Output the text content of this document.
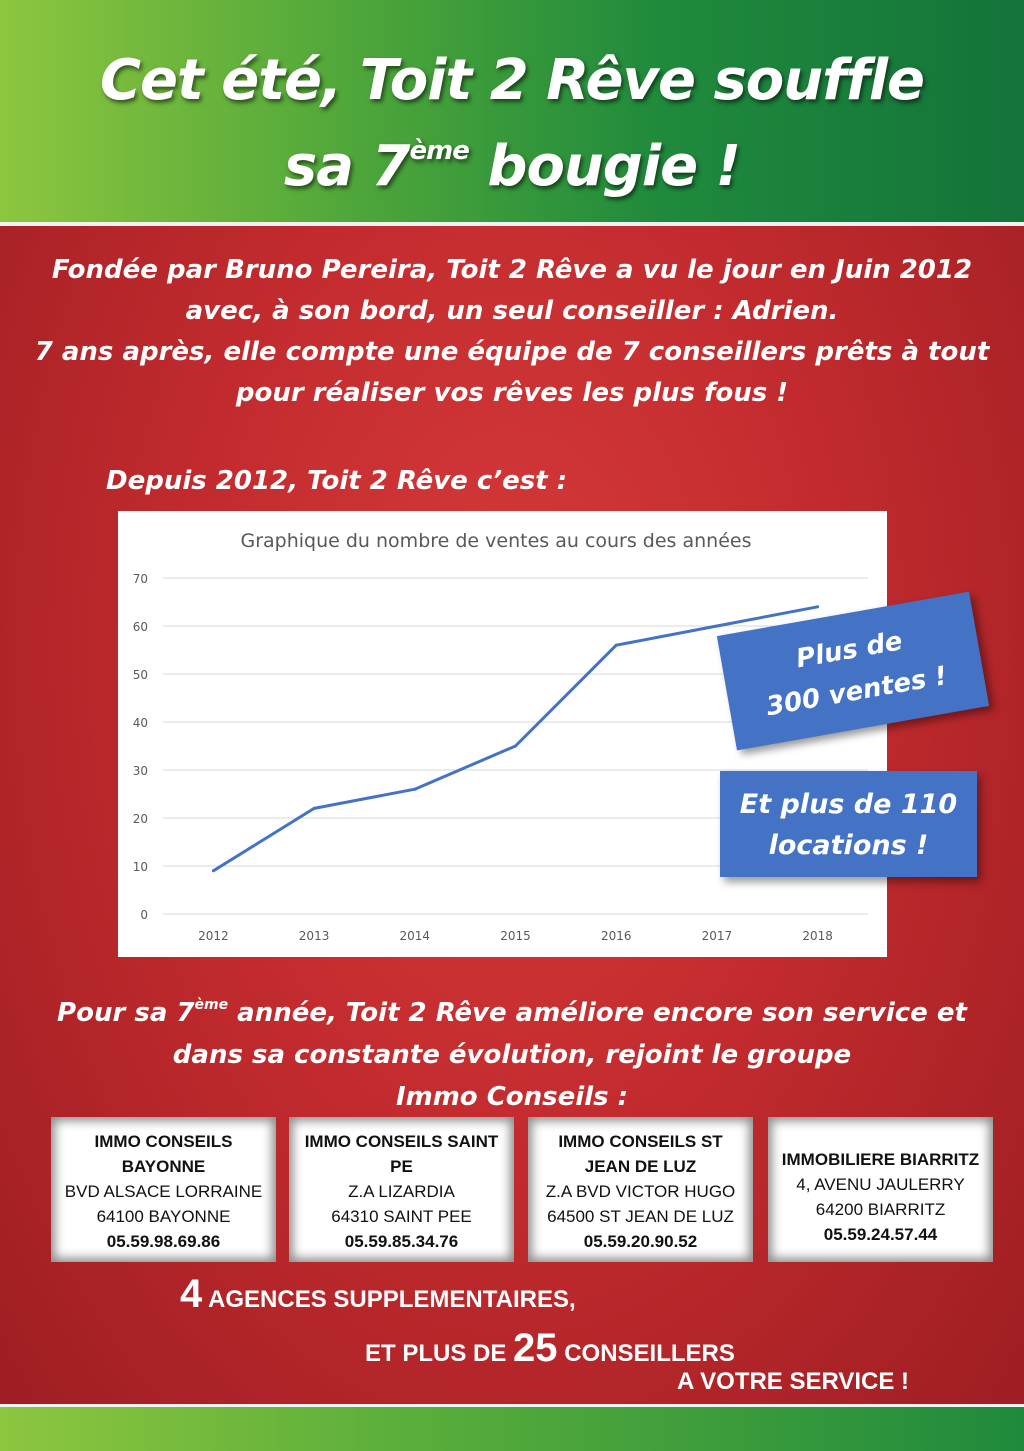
Cet été, Toit 2 Rêve souffle
sa 7ème bougie !
Fondée par Bruno Pereira, Toit 2 Rêve a vu le jour en Juin 2012
avec, à son bord, un seul conseiller : Adrien.
7 ans après, elle compte une équipe de 7 conseillers prêts à tout
pour réaliser vos rêves les plus fous !
Depuis 2012, Toit 2 Rêve c’est :
Graphique du nombre de ventes au cours des années
0
10
20
30
40
50
60
70
2012	2013	2014	2015	2016	2017	2018
Plus de
300 ventes !
Et plus de 110
locations !
Pour sa 7ème année, Toit 2 Rêve améliore encore son service et
dans sa constante évolution, rejoint le groupe
Immo Conseils :
IMMO CONSEILS
BAYONNE
BVD ALSACE LORRAINE
64100 BAYONNE
05.59.98.69.86
IMMO CONSEILS SAINT
PE
Z.A LIZARDIA
64310 SAINT PEE
05.59.85.34.76
IMMO CONSEILS ST
JEAN DE LUZ
Z.A BVD VICTOR HUGO
64500 ST JEAN DE LUZ
05.59.20.90.52
IMMOBILIERE BIARRITZ
4, AVENU JAULERRY
64200 BIARRITZ
05.59.24.57.44
4 AGENCES SUPPLEMENTAIRES,
ET PLUS DE 25 CONSEILLERS
A VOTRE SERVICE !
